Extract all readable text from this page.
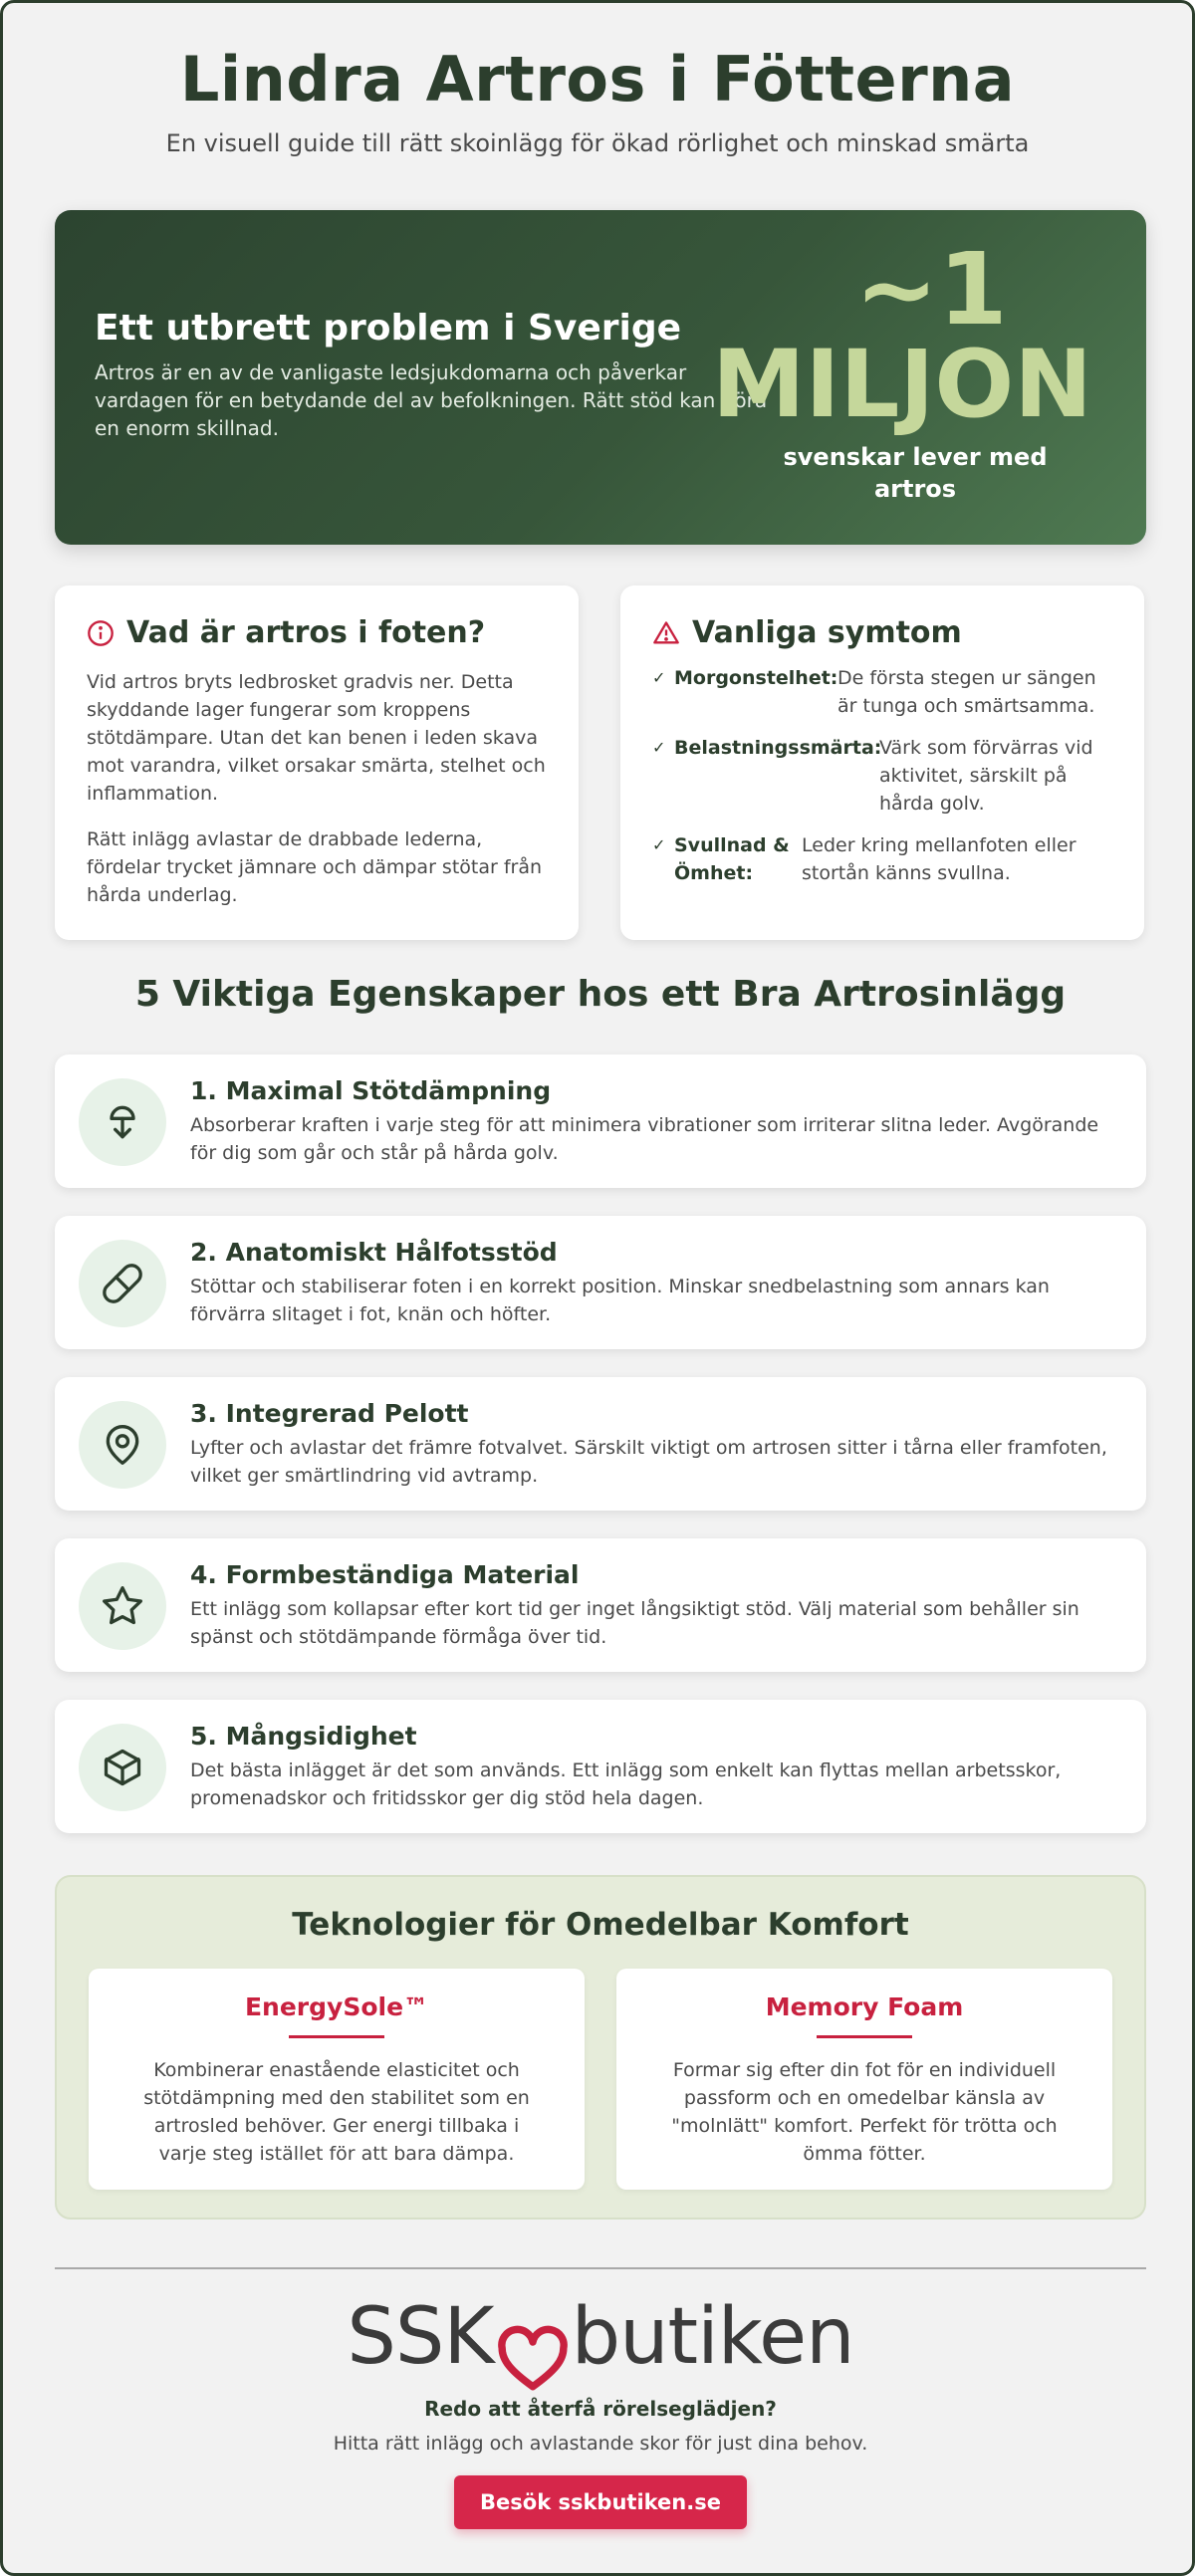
Lindra Artros i Fötterna

En visuell guide till rätt skoinlägg för ökad rörlighet och minskad smärta

Ett utbrett problem i Sverige

Artros är en av de vanligaste ledsjukdomarna och påverkar vardagen för en betydande del av befolkningen. Rätt stöd kan göra en enorm skillnad.

~1
MILJON
svenskar lever med artros
Vad är artros i foten?

Vid artros bryts ledbrosket gradvis ner. Detta skyddande lager fungerar som kroppens stötdämpare. Utan det kan benen i leden skava mot varandra, vilket orsakar smärta, stelhet och inflammation.

Rätt inlägg avlastar de drabbade lederna, fördelar trycket jämnare och dämpar stötar från hårda underlag.

Vanliga symtom
✓ Morgonstelhet: De första stegen ur sängen är tunga och smärtsamma.
✓ Belastningssmärta:
Värk som förvärras vid aktivitet, särskilt på hårda golv.
✓ Svullnad & Ömhet:
Leder kring mellanfoten eller stortån känns svullna.
5 Viktiga Egenskaper hos ett Bra Artrosinlägg
1. Maximal Stötdämpning

Absorberar kraften i varje steg för att minimera vibrationer som irriterar slitna leder. Avgörande för dig som går och står på hårda golv.

2. Anatomiskt Hålfotsstöd

Stöttar och stabiliserar foten i en korrekt position. Minskar snedbelastning som annars kan förvärra slitaget i fot, knän och höfter.

3. Integrerad Pelott

Lyfter och avlastar det främre fotvalvet. Särskilt viktigt om artrosen sitter i tårna eller framfoten, vilket ger smärtlindring vid avtramp.

4. Formbeständiga Material

Ett inlägg som kollapsar efter kort tid ger inget långsiktigt stöd. Välj material som behåller sin spänst och stötdämpande förmåga över tid.

5. Mångsidighet

Det bästa inlägget är det som används. Ett inlägg som enkelt kan flyttas mellan arbetsskor, promenadskor och fritidsskor ger dig stöd hela dagen.

Teknologier för Omedelbar Komfort
EnergySole™

Kombinerar enastående elasticitet och stötdämpning med den stabilitet som en artrosled behöver. Ger energi tillbaka i varje steg istället för att bara dämpa.

Memory Foam

Formar sig efter din fot för en individuell passform och en omedelbar känsla av "molnlätt" komfort. Perfekt för trötta och ömma fötter.

SSK butiken

Redo att återfå rörelseglädjen?

Hitta rätt inlägg och avlastande skor för just dina behov.

Besök sskbutiken.se
